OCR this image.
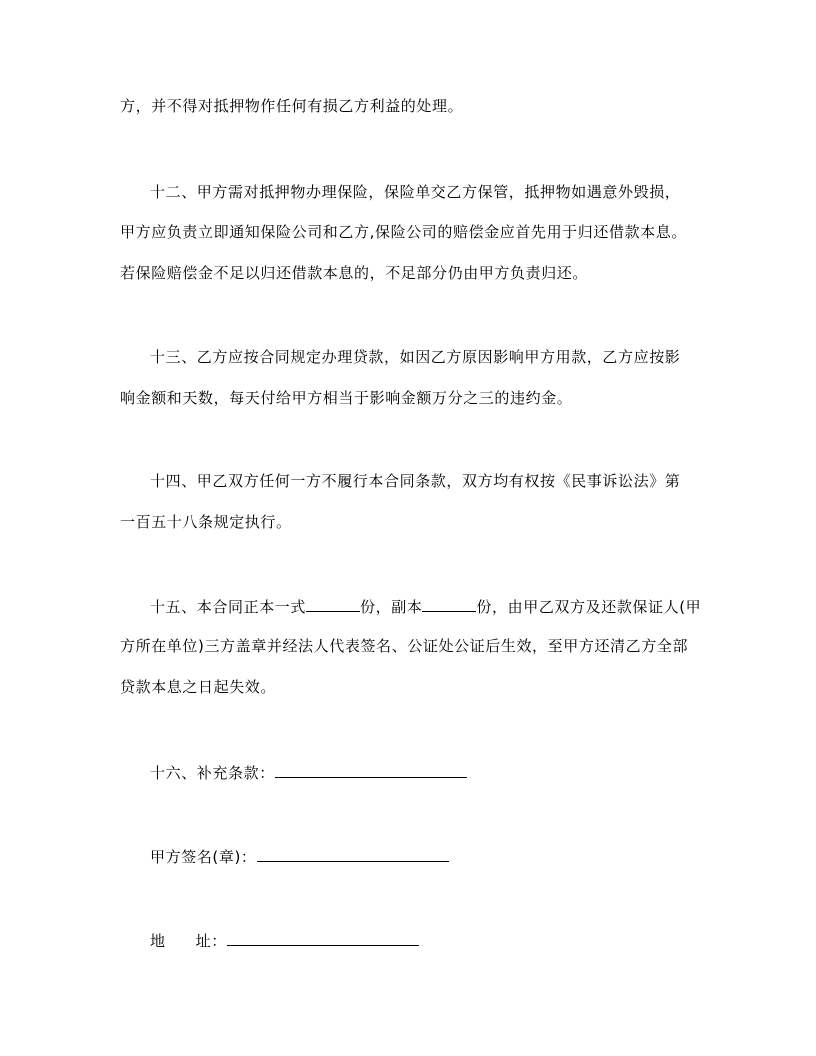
方，并不得对抵押物作任何有损乙方利益的处理。
十二、甲方需对抵押物办理保险，保险单交乙方保管，抵押物如遇意外毁损，
甲方应负责立即通知保险公司和乙方,保险公司的赔偿金应首先用于归还借款本息。
若保险赔偿金不足以归还借款本息的，不足部分仍由甲方负责归还。
十三、乙方应按合同规定办理贷款，如因乙方原因影响甲方用款，乙方应按影
响金额和天数，每天付给甲方相当于影响金额万分之三的违约金。
十四、甲乙双方任何一方不履行本合同条款，双方均有权按《民事诉讼法》第
一百五十八条规定执行。
十五、本合同正本一式	份，副本	份，由甲乙双方及还款保证人(甲
方所在单位)三方盖章并经法人代表签名、公证处公证后生效，至甲方还清乙方全部
贷款本息之日起失效。
十六、补充条款：
甲方签名(章)：
地 址：
